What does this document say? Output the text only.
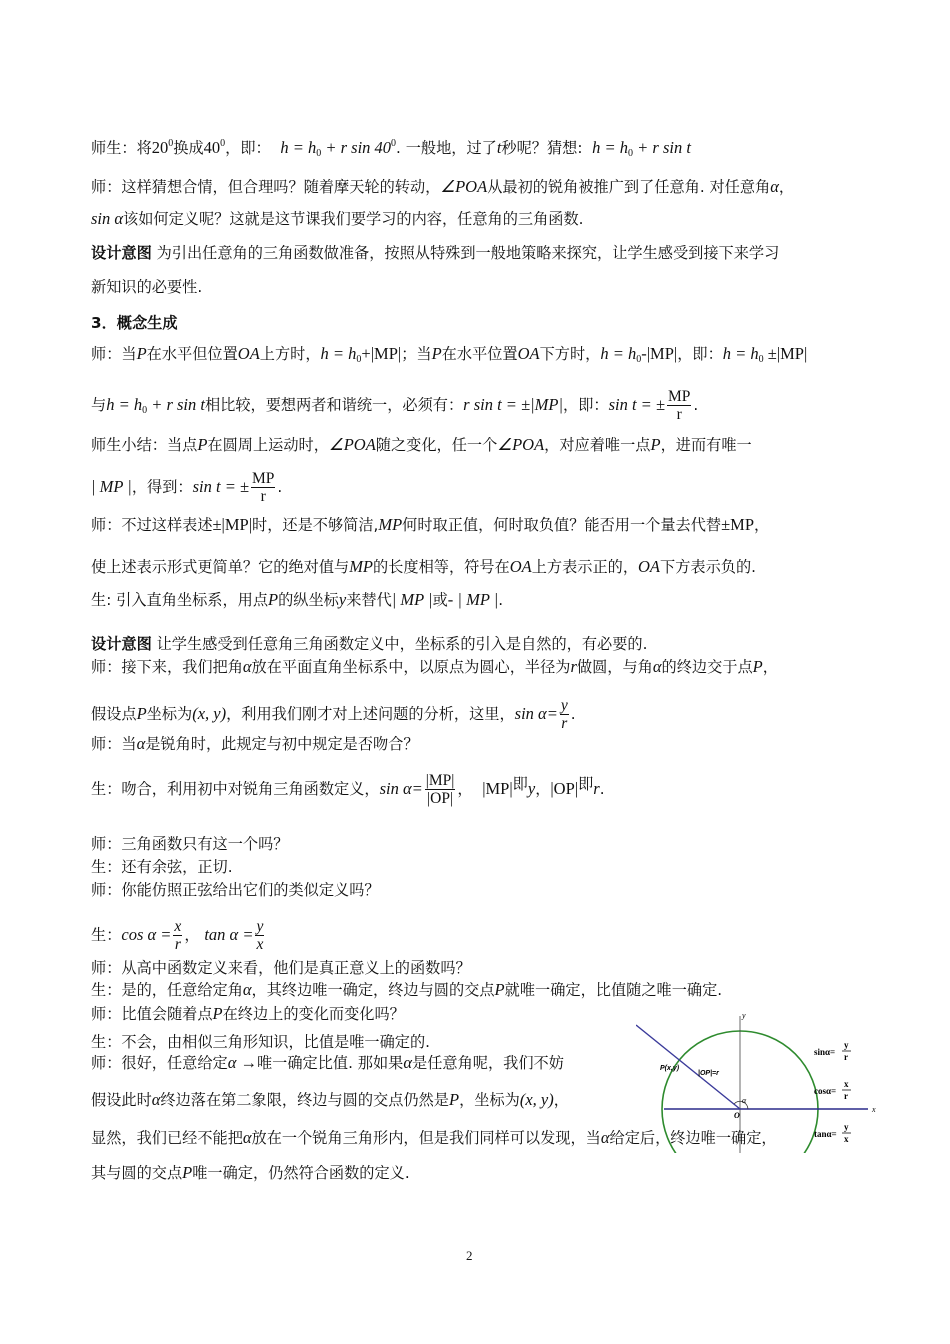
师生：将$20^0$换成$40^0$，即： $h = h_0 + r$ $\sin 40^0$. 一般地，过了t秒呢？猜想: $h = h_0 + r$ sin t
师：这样猜想合情，但合理吗？随着摩天轮的转动，∠POA从最初的锐角被推广到了任意角. 对任意角α，
sin α该如何定义呢？这就是这节课我们要学习的内容，任意角的三角函数.
设计意图 为引出任意角的三角函数做准备，按照从特殊到一般地策略来探究，让学生感受到接下来学习
新知识的必要性.
3．概念生成
师：当P在水平但位置OA上方时，$h = h_0+|MP|$；当P在水平位置OA下方时，$h = h_0-|MP|$，即：$h = h_0 \pm|MP|$
与$h = h_0 + r$ sin t相比较，要想两者和谐统一，必须有：r sin t = ±|MP|，即：sin t = ± $\frac{MP}{r}$ .
师生小结：当点P在圆周上运动时，∠POA随之变化，任一个∠POA，对应着唯一点P，进而有唯一
| MP |，得到：sin t = ± $\frac{MP}{r}$ .
师：不过这样表述±|MP|时，还是不够简洁,MP何时取正值，何时取负值？能否用一个量去代替±MP，
使上述表示形式更简单？它的绝对值与MP的长度相等，符号在OA上方表示正的，OA下方表示负的.
生: 引入直角坐标系，用点P的纵坐标y来替代| MP |或- | MP |.
设计意图 让学生感受到任意角三角函数定义中，坐标系的引入是自然的，有必要的.
师：接下来，我们把角α放在平面直角坐标系中，以原点为圆心，半径为r做圆，与角α的终边交于点P，
假设点P坐标为(x, y)，利用我们刚才对上述问题的分析，这里，$\sin \alpha= \frac{y}{r}$ .
师：当α是锐角时，此规定与初中规定是否吻合？
生：吻合，利用初中对锐角三角函数定义，$\sin \alpha= \frac{|MP|}{|OP|}$ ， |MP|即y，|OP|即r.
师：三角函数只有这一个吗？
生：还有余弦，正切.
师：你能仿照正弦给出它们的类似定义吗？
生：$\cos \alpha = \frac{x}{r}$ ， $\tan \alpha = \frac{y}{x}$
师：从高中函数定义来看，他们是真正意义上的函数吗？
生：是的，任意给定角α，其终边唯一确定，终边与圆的交点P就唯一确定，比值随之唯一确定.
师：比值会随着点P在终边上的变化而变化吗？
生：不会，由相似三角形知识，比值是唯一确定的.
师：很好，任意给定α →唯一确定比值. 那如果α是任意角呢，我们不妨
假设此时α终边落在第二象限，终边与圆的交点仍然是P，坐标为(x, y)，
显然，我们已经不能把α放在一个锐角三角形内，但是我们同样可以发现，当α给定后，终边唯一确定，
其与圆的交点P唯一确定，仍然符合函数的定义.
y
x
O
P(x,y)
|OP|=r
α
sinα=
y
r
cosα=
x
r
tanα=
y
x
2
